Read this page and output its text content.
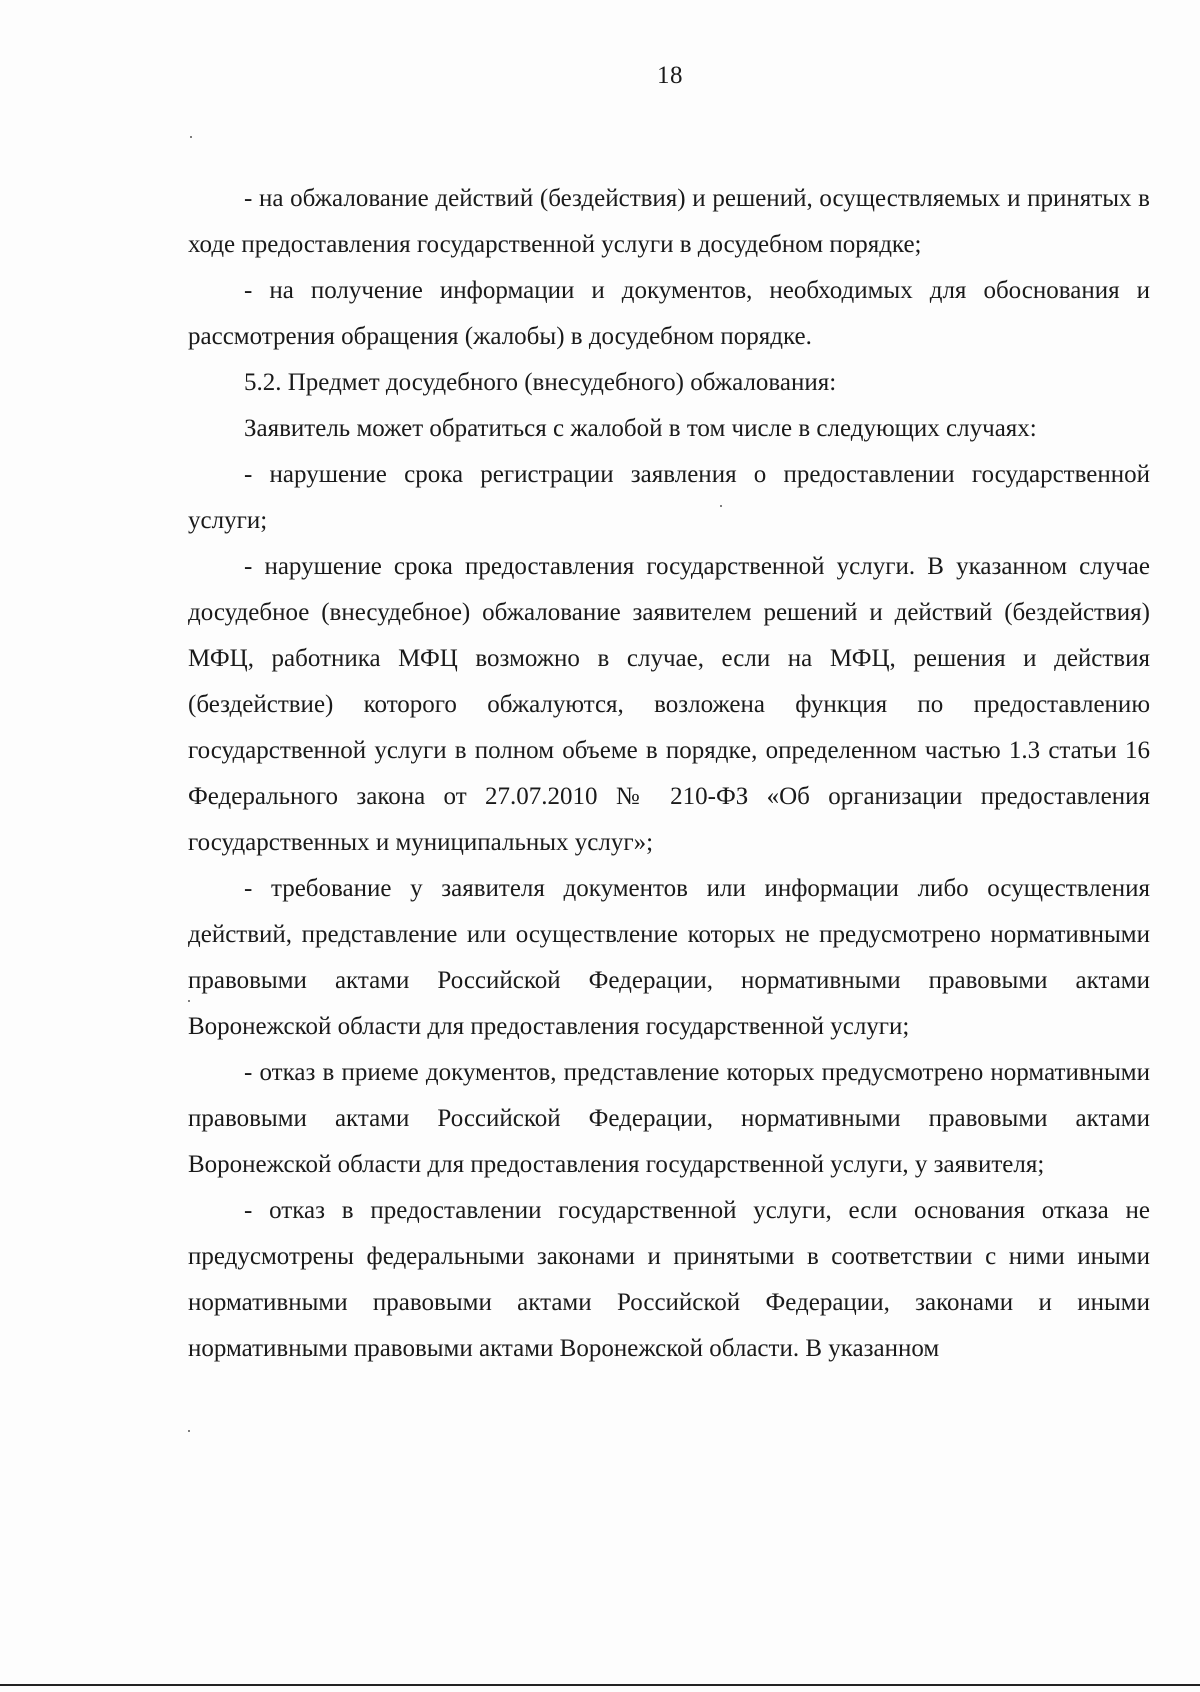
18

- на обжалование действий (бездействия) и решений, осуществляемых и принятых в ходе предоставления государственной услуги в досудебном порядке;

- на получение информации и документов, необходимых для обоснования и рассмотрения обращения (жалобы) в досудебном порядке.

5.2. Предмет досудебного (внесудебного) обжалования:

Заявитель может обратиться с жалобой в том числе в следующих случаях:

- нарушение срока регистрации заявления о предоставлении государственной услуги;

- нарушение срока предоставления государственной услуги. В указанном случае досудебное (внесудебное) обжалование заявителем решений и действий (бездействия) МФЦ, работника МФЦ возможно в случае, если на МФЦ, решения и действия (бездействие) которого обжалуются, возложена функция по предоставлению государственной услуги в полном объеме в порядке, определенном частью 1.3 статьи 16 Федерального закона от 27.07.2010 № 210-ФЗ «Об организации предоставления государственных и муниципальных услуг»;

- требование у заявителя документов или информации либо осуществления действий, представление или осуществление которых не предусмотрено нормативными правовыми актами Российской Федерации, нормативными правовыми актами Воронежской области для предоставления государственной услуги;

- отказ в приеме документов, представление которых предусмотрено нормативными правовыми актами Российской Федерации, нормативными правовыми актами Воронежской области для предоставления государственной услуги, у заявителя;

- отказ в предоставлении государственной услуги, если основания отказа не предусмотрены федеральными законами и принятыми в соответствии с ними иными нормативными правовыми актами Российской Федерации, законами и иными нормативными правовыми актами Воронежской области. В указанном
